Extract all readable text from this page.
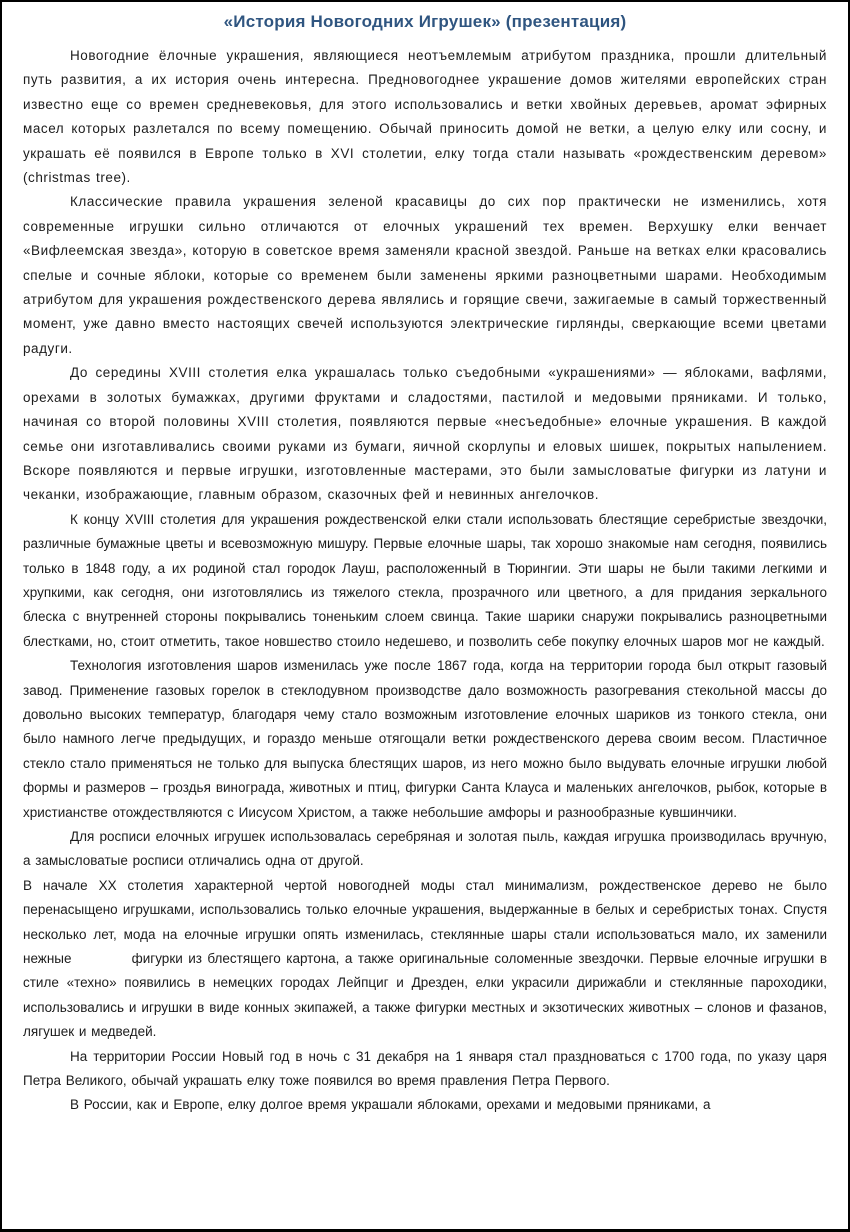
«История Новогодних Игрушек» (презентация)

Новогодние ёлочные украшения, являющиеся неотъемлемым атрибутом праздника, прошли длительный путь развития, а их история очень интересна. Предновогоднее украшение домов жителями европейских стран известно еще со времен средневековья, для этого использовались и ветки хвойных деревьев, аромат эфирных масел которых разлетался по всему помещению. Обычай приносить домой не ветки, а целую елку или сосну, и украшать её появился в Европе только в XVI столетии, елку тогда стали называть «рождественским деревом» (christmas tree).

Классические правила украшения зеленой красавицы до сих пор практически не изменились, хотя современные игрушки сильно отличаются от елочных украшений тех времен. Верхушку елки венчает «Вифлеемская звезда», которую в советское время заменяли красной звездой. Раньше на ветках елки красовались спелые и сочные яблоки, которые со временем были заменены яркими разноцветными шарами. Необходимым атрибутом для украшения рождественского дерева являлись и горящие свечи, зажигаемые в самый торжественный момент, уже давно вместо настоящих свечей используются электрические гирлянды, сверкающие всеми цветами радуги.

До середины XVIII столетия елка украшалась только съедобными «украшениями» — яблоками, вафлями, орехами в золотых бумажках, другими фруктами и сладостями, пастилой и медовыми пряниками. И только, начиная со второй половины XVIII столетия, появляются первые «несъедобные» елочные украшения. В каждой семье они изготавливались своими руками из бумаги, яичной скорлупы и еловых шишек, покрытых напылением. Вскоре появляются и первые игрушки, изготовленные мастерами, это были замысловатые фигурки из латуни и чеканки, изображающие, главным образом, сказочных фей и невинных ангелочков.

К концу XVIII столетия для украшения рождественской елки стали использовать блестящие серебристые звездочки, различные бумажные цветы и всевозможную мишуру. Первые елочные шары, так хорошо знакомые нам сегодня, появились только в 1848 году, а их родиной стал городок Лауш, расположенный в Тюрингии. Эти шары не были такими легкими и хрупкими, как сегодня, они изготовлялись из тяжелого стекла, прозрачного или цветного, а для придания зеркального блеска с внутренней стороны покрывались тоненьким слоем свинца. Такие шарики снаружи покрывались разноцветными блестками, но, стоит отметить, такое новшество стоило недешево, и позволить себе покупку елочных шаров мог не каждый.

Технология изготовления шаров изменилась уже после 1867 года, когда на территории города был открыт газовый завод. Применение газовых горелок в стеклодувном производстве дало возможность разогревания стекольной массы до довольно высоких температур, благодаря чему стало возможным изготовление елочных шариков из тонкого стекла, они было намного легче предыдущих, и гораздо меньше отягощали ветки рождественского дерева своим весом. Пластичное стекло стало применяться не только для выпуска блестящих шаров, из него можно было выдувать елочные игрушки любой формы и размеров – гроздья винограда, животных и птиц, фигурки Санта Клауса и маленьких ангелочков, рыбок, которые в христианстве отождествляются с Иисусом Христом, а также небольшие амфоры и разнообразные кувшинчики.

Для росписи елочных игрушек использовалась серебряная и золотая пыль, каждая игрушка производилась вручную, а замысловатые росписи отличались одна от другой.

В начале XX столетия характерной чертой новогодней моды стал минимализм, рождественское дерево не было перенасыщено игрушками, использовались только елочные украшения, выдержанные в белых и серебристых тонах. Спустя несколько лет, мода на елочные игрушки опять изменилась, стеклянные шары стали использоваться мало, их заменили нежные           фигурки из блестящего картона, а также оригинальные соломенные звездочки. Первые елочные игрушки в стиле «техно» появились в немецких городах Лейпциг и Дрезден, елки украсили дирижабли и стеклянные пароходики, использовались и игрушки в виде конных экипажей, а также фигурки местных и экзотических животных – слонов и фазанов, лягушек и медведей.

На территории России Новый год в ночь с 31 декабря на 1 января стал праздноваться с 1700 года, по указу царя Петра Великого, обычай украшать елку тоже появился во время правления Петра Первого.

В России, как и Европе, елку долгое время украшали яблоками, орехами и медовыми пряниками, а
